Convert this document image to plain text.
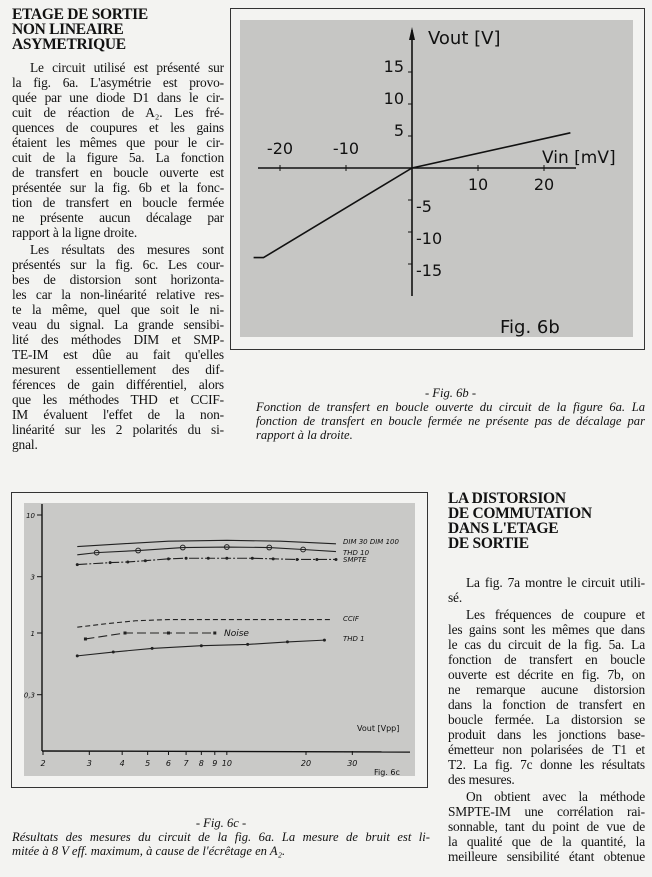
ETAGE DE SORTIE
NON LINEAIRE
ASYMETRIQUE
Le circuit utilisé est présenté sur
la fig. 6a. L'asymétrie est provo-
quée par une diode D1 dans le cir-
cuit de réaction de A₂. Les fré-
quences de coupures et les gains
étaient les mêmes que pour le cir-
cuit de la figure 5a. La fonction
de transfert en boucle ouverte est
présentée sur la fig. 6b et la fonc-
tion de transfert en boucle fermée
ne présente aucun décalage par
rapport à la ligne droite.
Les résultats des mesures sont
présentés sur la fig. 6c. Les cour-
bes de distorsion sont horizonta-
les car la non-linéarité relative res-
te la même, quel que soit le ni-
veau du signal. La grande sensibi-
lité des méthodes DIM et SMP-
TE-IM est dûe au fait qu'elles
mesurent essentiellement des dif-
férences de gain différentiel, alors
que les méthodes THD et CCIF-
IM évaluent l'effet de la non-
linéarité sur les 2 polarités du si-
gnal.
LA DISTORSION
DE COMMUTATION
DANS L'ETAGE
DE SORTIE
La fig. 7a montre le circuit utili-
sé.
Les fréquences de coupure et
les gains sont les mêmes que dans
le cas du circuit de la fig. 5a. La
fonction de transfert en boucle
ouverte est décrite en fig. 7b, on
ne remarque aucune distorsion
dans la fonction de transfert en
boucle fermée. La distorsion se
produit dans les jonctions base-
émetteur non polarisées de T1 et
T2. La fig. 7c donne les résultats
des mesures.
On obtient avec la méthode
SMPTE-IM une corrélation rai-
sonnable, tant du point de vue de
la qualité que de la quantité, la
meilleure sensibilité étant obtenue
-20 -10
10	20
15
10
5
-5
-10
-15
Vout [V]
Vin [mV]
Fig. 6b
- Fig. 6b -
Fonction de transfert en boucle ouverte du circuit de la figure 6a. La
fonction de transfert en boucle fermée ne présente pas de décalage par
rapport à la droite.
2	3	4	5 6 7 8 9 10	20	30
10
3
1
0,3
DIM 30 DIM 100
THD 10
SMPTE
CCIF
Noise	THD 1
Vout [Vpp]
Fig. 6c
- Fig. 6c -
Résultats des mesures du circuit de la fig. 6a. La mesure de bruit est li-
mitée à 8 V eff. maximum, à cause de l'écrêtage en A₂.
